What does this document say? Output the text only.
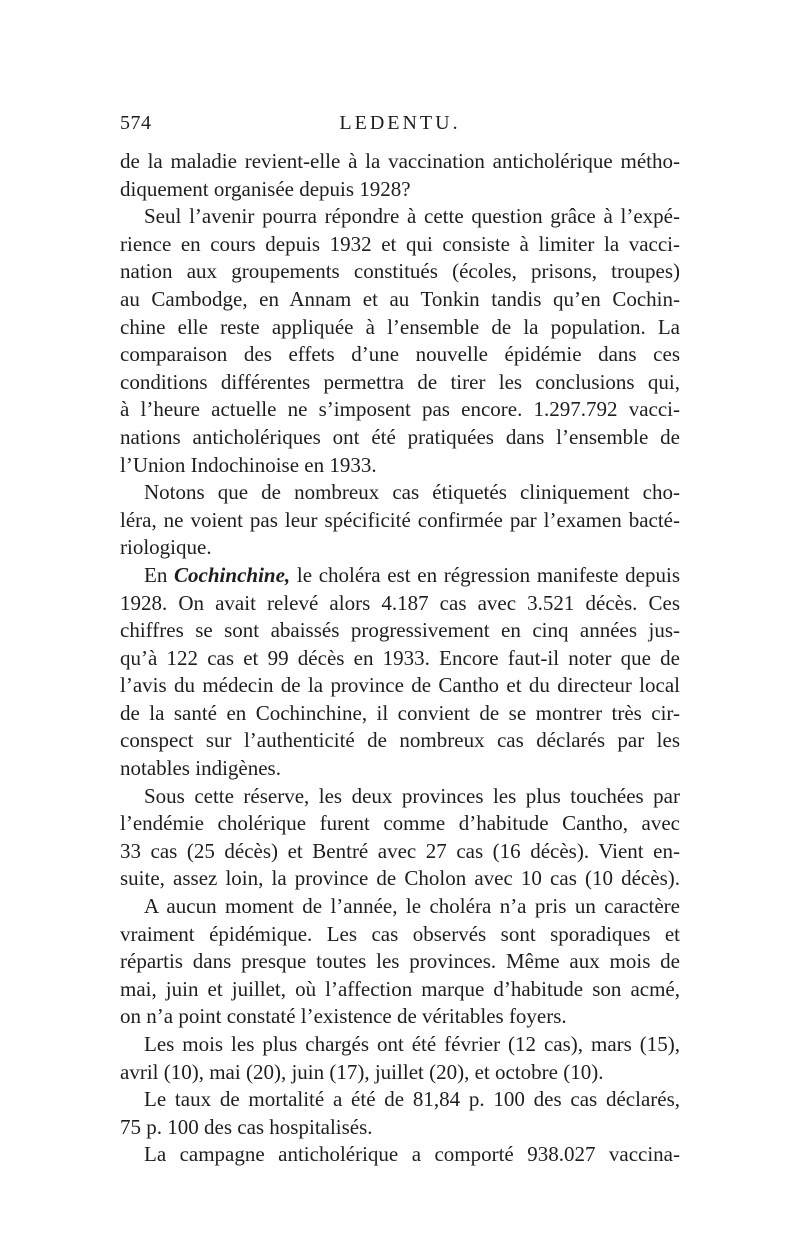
574	LEDENTU.
de la maladie revient-elle à la vaccination anticholérique métho-
diquement organisée depuis 1928?
Seul l’avenir pourra répondre à cette question grâce à l’expé-
rience en cours depuis 1932 et qui consiste à limiter la vacci-
nation aux groupements constitués (écoles, prisons, troupes)
au Cambodge, en Annam et au Tonkin tandis qu’en Cochin-
chine elle reste appliquée à l’ensemble de la population. La
comparaison des effets d’une nouvelle épidémie dans ces
conditions différentes permettra de tirer les conclusions qui,
à l’heure actuelle ne s’imposent pas encore. 1.297.792 vacci-
nations anticholériques ont été pratiquées dans l’ensemble de
l’Union Indochinoise en 1933.
Notons que de nombreux cas étiquetés cliniquement cho-
léra, ne voient pas leur spécificité confirmée par l’examen bacté-
riologique.
En Cochinchine, le choléra est en régression manifeste depuis
1928. On avait relevé alors 4.187 cas avec 3.521 décès. Ces
chiffres se sont abaissés progressivement en cinq années jus-
qu’à 122 cas et 99 décès en 1933. Encore faut-il noter que de
l’avis du médecin de la province de Cantho et du directeur local
de la santé en Cochinchine, il convient de se montrer très cir-
conspect sur l’authenticité de nombreux cas déclarés par les
notables indigènes.
Sous cette réserve, les deux provinces les plus touchées par
l’endémie cholérique furent comme d’habitude Cantho, avec
33 cas (25 décès) et Bentré avec 27 cas (16 décès). Vient en-
suite, assez loin, la province de Cholon avec 10 cas (10 décès).
A aucun moment de l’année, le choléra n’a pris un caractère
vraiment épidémique. Les cas observés sont sporadiques et
répartis dans presque toutes les provinces. Même aux mois de
mai, juin et juillet, où l’affection marque d’habitude son acmé,
on n’a point constaté l’existence de véritables foyers.
Les mois les plus chargés ont été février (12 cas), mars (15),
avril (10), mai (20), juin (17), juillet (20), et octobre (10).
Le taux de mortalité a été de 81,84 p. 100 des cas déclarés,
75 p. 100 des cas hospitalisés.
La campagne anticholérique a comporté 938.027 vaccina-
